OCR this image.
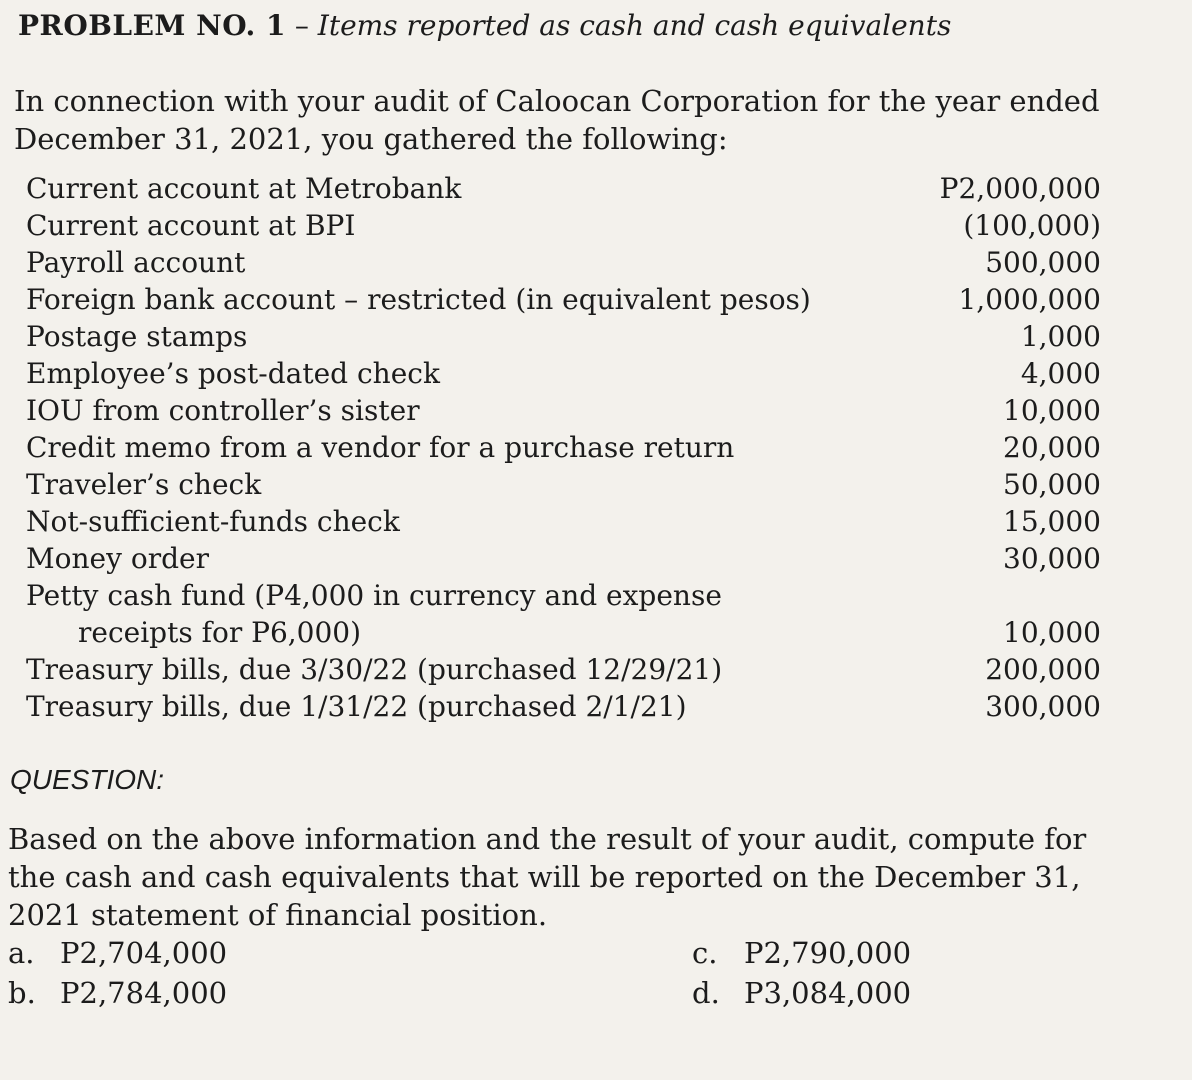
PROBLEM NO. 1 – Items reported as cash and cash equivalents
In connection with your audit of Caloocan Corporation for the year ended December 31, 2021, you gathered the following:
Current account at Metrobank	P2,000,000
Current account at BPI	(100,000)
Payroll account	500,000
Foreign bank account – restricted (in equivalent pesos)	1,000,000
Postage stamps	1,000
Employee’s post-dated check	4,000
IOU from controller’s sister	10,000
Credit memo from a vendor for a purchase return	20,000
Traveler’s check	50,000
Not-sufficient-funds check	15,000
Money order	30,000
Petty cash fund (P4,000 in currency and expense
receipts for P6,000)	10,000
Treasury bills, due 3/30/22 (purchased 12/29/21)	200,000
Treasury bills, due 1/31/22 (purchased 2/1/21)	300,000
QUESTION:
Based on the above information and the result of your audit, compute for the cash and cash equivalents that will be reported on the December 31, 2021 statement of financial position.
a. P2,704,000
b. P2,784,000
c. P2,790,000
d. P3,084,000
